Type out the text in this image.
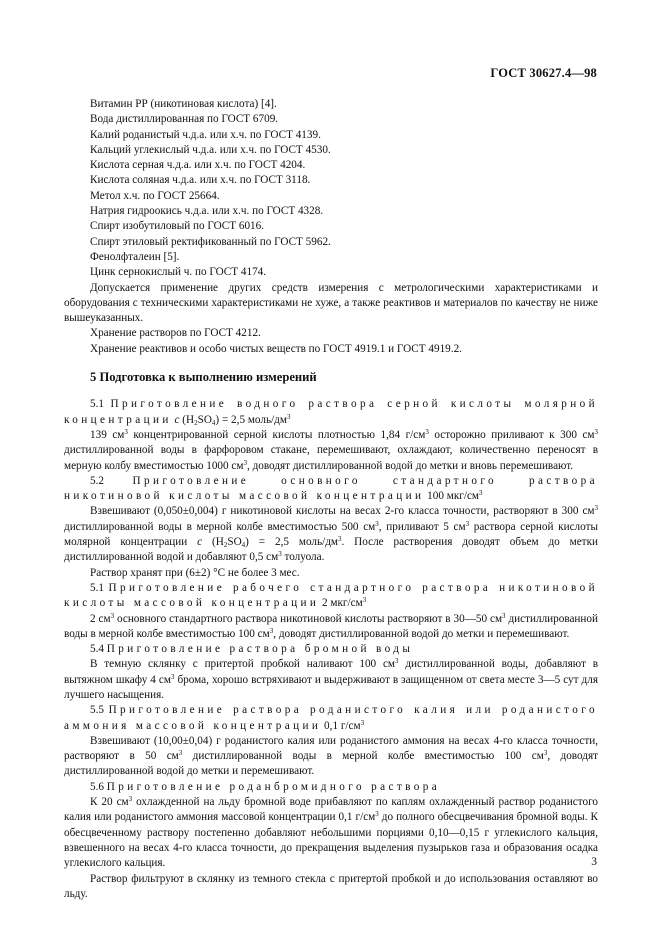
ГОСТ 30627.4—98

Витамин РР (никотиновая кислота) [4].

Вода дистиллированная по ГОСТ 6709.

Калий роданистый ч.д.а. или х.ч. по ГОСТ 4139.

Кальций углекислый ч.д.а. или х.ч. по ГОСТ 4530.

Кислота серная ч.д.а. или х.ч. по ГОСТ 4204.

Кислота соляная ч.д.а. или х.ч. по ГОСТ 3118.

Метол х.ч. по ГОСТ 25664.

Натрия гидроокись ч.д.а. или х.ч. по ГОСТ 4328.

Спирт изобутиловый по ГОСТ 6016.

Спирт этиловый ректификованный по ГОСТ 5962.

Фенолфталеин [5].

Цинк сернокислый ч. по ГОСТ 4174.

Допускается применение других средств измерения с метрологическими характеристиками и оборудования с техническими характеристиками не хуже, а также реактивов и материалов по качеству не ниже вышеуказанных.

Хранение растворов по ГОСТ 4212.

Хранение реактивов и особо чистых веществ по ГОСТ 4919.1 и ГОСТ 4919.2.

5 Подготовка к выполнению измерений

5.1 Приготовление водного раствора серной кислоты молярной концентрации c $(H_2SO_4) = 2,5$ моль/$дм^3$

139 $см^3$ концентрированной серной кислоты плотностью 1,84 $г/см^3$ осторожно приливают к 300 $см^3$ дистиллированной воды в фарфоровом стакане, перемешивают, охлаждают, количественно переносят в мерную колбу вместимостью 1000 $см^3$, доводят дистиллированной водой до метки и вновь перемешивают.

5.2	Приготовление основного стандартного раствора никотиновой кислоты массовой концентрации 100 мкг/$см^3$

Взвешивают (0,050±0,004) г никотиновой кислоты на весах 2-го класса точности, растворяют в 300 $см^3$ дистиллированной воды в мерной колбе вместимостью 500 $см^3$, приливают 5 $см^3$ раствора серной кислоты молярной концентрации c $(H_2SO_4) = 2,5$ моль/$дм^3$. После растворения доводят объем до метки дистиллированной водой и добавляют 0,5 $см^3$ толуола.

Раствор хранят при (6±2) °С не более 3 мес.

5.1 Приготовление рабочего стандартного раствора никотиновой кислоты массовой концентрации 2 мкг/$см^3$

2 $см^3$ основного стандартного раствора никотиновой кислоты растворяют в 30—50 $см^3$ дистиллированной воды в мерной колбе вместимостью 100 $см^3$, доводят дистиллированной водой до метки и перемешивают.

5.4 Приготовление раствора бромной воды

В темную склянку с притертой пробкой наливают 100 $см^3$ дистиллированной воды, добавляют в вытяжном шкафу 4 $см^3$ брома, хорошо встряхивают и выдерживают в защищенном от света месте 3—5 сут для лучшего насыщения.

5.5 Приготовление раствора роданистого калия или роданистого аммония массовой концентрации 0,1 $г/см^3$

Взвешивают (10,00±0,04) г роданистого калия или роданистого аммония на весах 4-го класса точности, растворяют в 50 $см^3$ дистиллированной воды в мерной колбе вместимостью 100 $см^3$, доводят дистиллированной водой до метки и перемешивают.

5.6 Приготовление роданбромидного раствора

К 20 $см^3$ охлажденной на льду бромной воде прибавляют по каплям охлажденный раствор роданистого калия или роданистого аммония массовой концентрации 0,1 $г/см^3$ до полного обесцвечивания бромной воды. К обесцвеченному раствору постепенно добавляют небольшими порциями 0,10—0,15 г углекислого кальция, взвешенного на весах 4-го класса точности, до прекращения выделения пузырьков газа и образования осадка углекислого кальция.

Раствор фильтруют в склянку из темного стекла с притертой пробкой и до использования оставляют во льду.

3
